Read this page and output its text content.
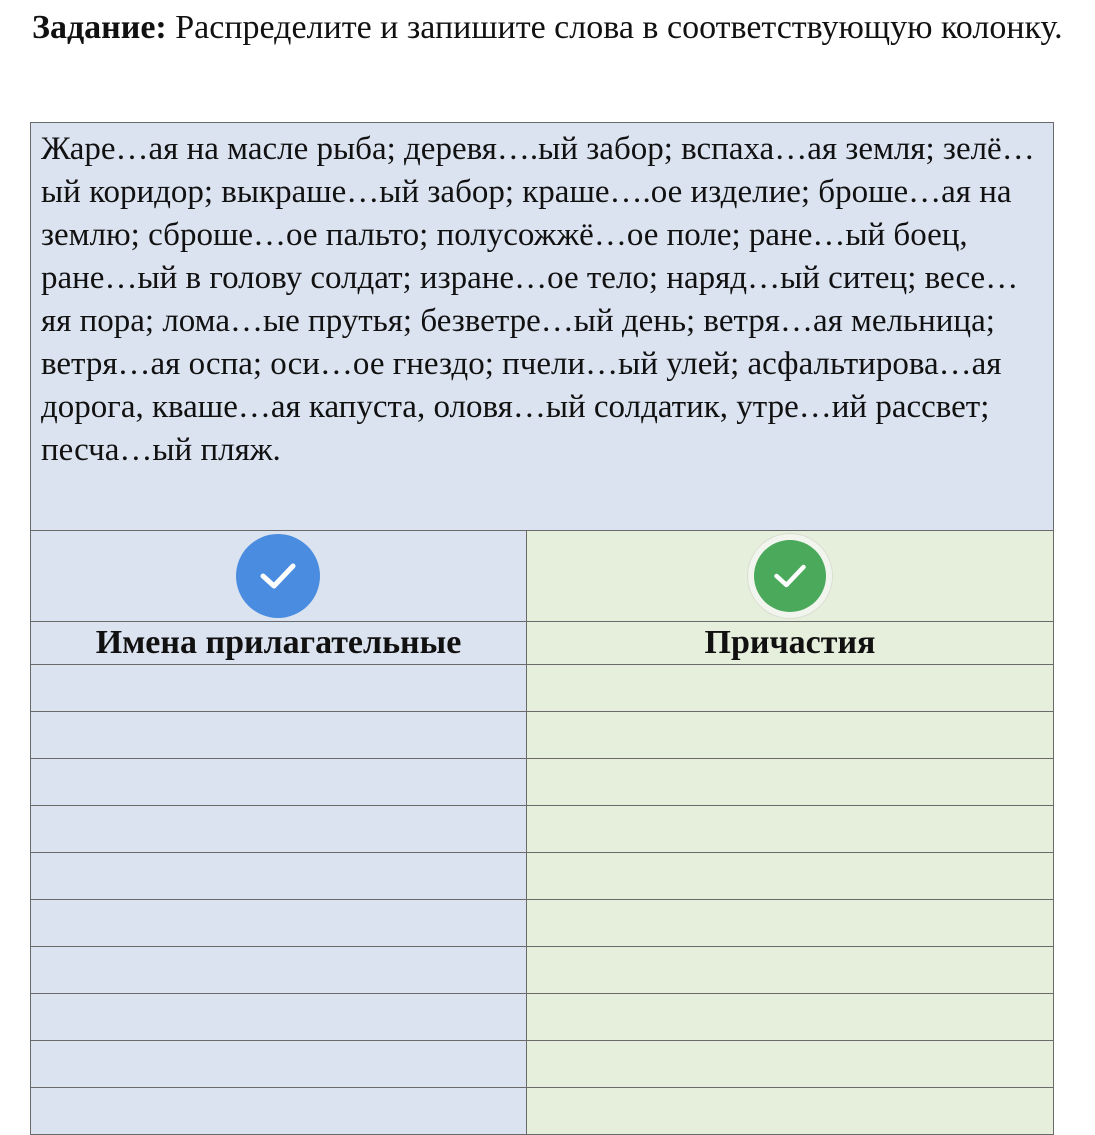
Задание: Распределите и запишите слова в соответствующую колонку.

Жаре…ая на масле рыба; деревя….ый забор; вспаха…ая земля; зелё…ый коридор; выкраше…ый забор; краше….ое изделие; броше…ая на землю; сброше…ое пальто; полусожжё…ое поле; ране…ый боец, ране…ый в голову солдат; изране…ое тело; наряд…ый ситец; весе…яя пора; лома…ые прутья; безветре…ый день; ветря…ая мельница; ветря…ая оспа; оси…ое гнездо; пчели…ый улей; асфальтирова…ая дорога, кваше…ая капуста, оловя…ый солдатик, утре…ий рассвет; песча…ый пляж.
Имена прилагательные	Причастия
